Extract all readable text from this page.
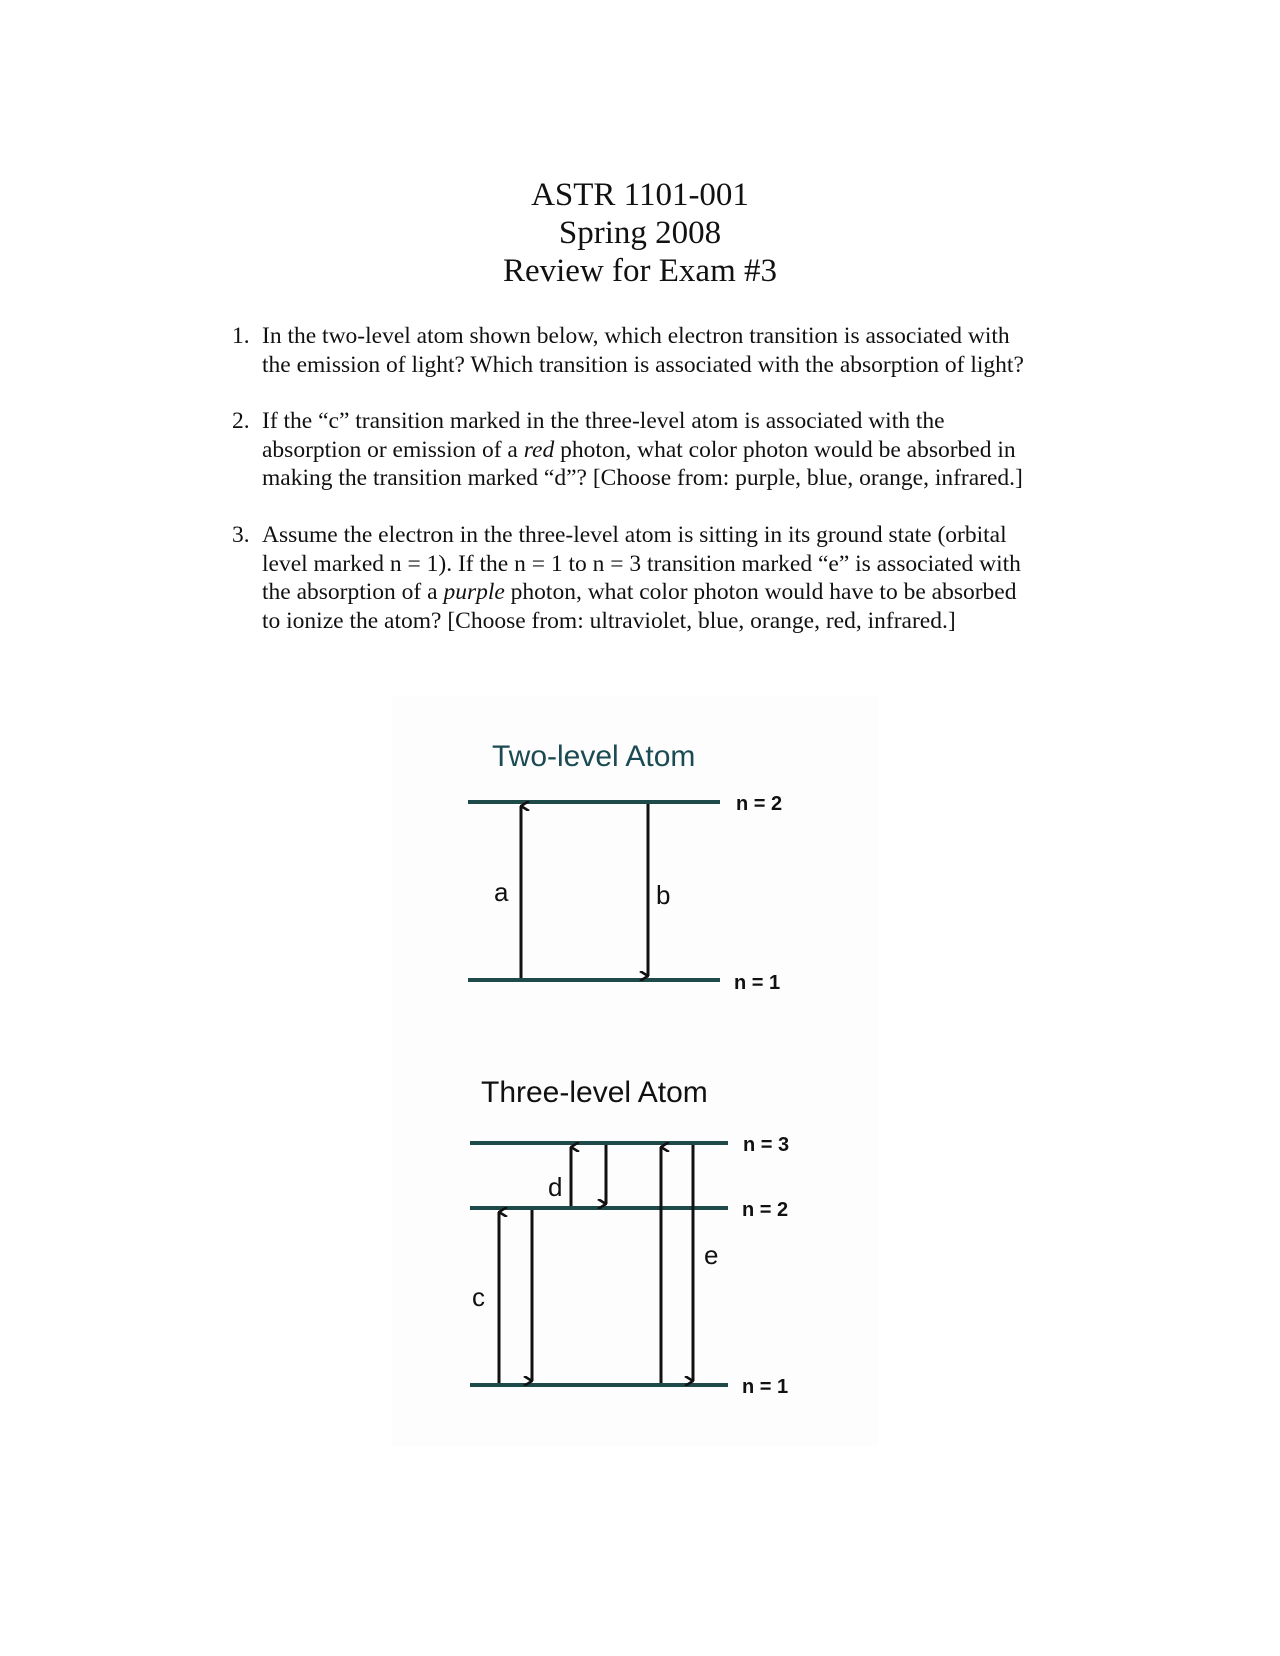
ASTR 1101-001
Spring 2008
Review for Exam #3
1. In the two-level atom shown below, which electron transition is associated with
the emission of light? Which transition is associated with the absorption of light?
2. If the “c” transition marked in the three-level atom is associated with the
absorption or emission of a red photon, what color photon would be absorbed in
making the transition marked “d”? [Choose from: purple, blue, orange, infrared.]
3. Assume the electron in the three-level atom is sitting in its ground state (orbital
level marked n = 1). If the n = 1 to n = 3 transition marked “e” is associated with
the absorption of a purple photon, what color photon would have to be absorbed
to ionize the atom? [Choose from: ultraviolet, blue, orange, red, infrared.]
Two-level Atom
n = 2
n = 1
a	b
Three-level Atom
n = 3
n = 2
n = 1
c
d
e
